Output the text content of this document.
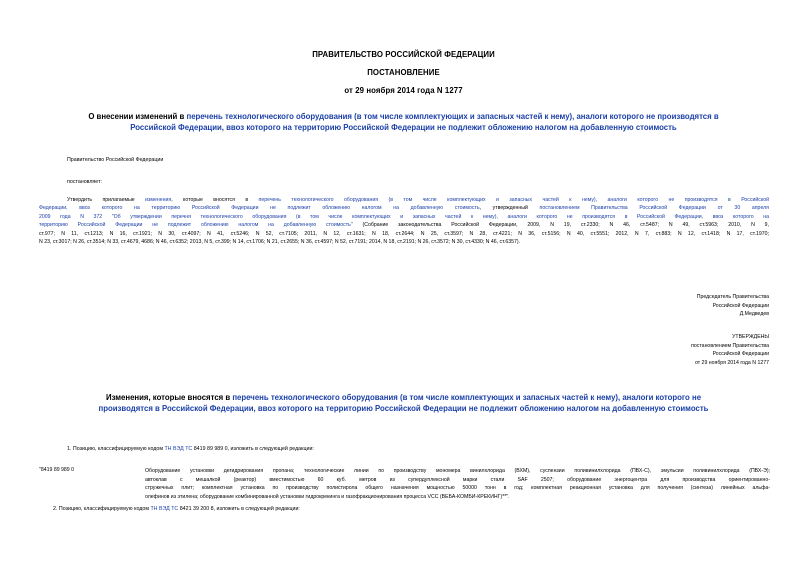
ПРАВИТЕЛЬСТВО РОССИЙСКОЙ ФЕДЕРАЦИИ
ПОСТАНОВЛЕНИЕ
от 29 ноября 2014 года N 1277
О внесении изменений в перечень технологического оборудования (в том числе комплектующих и запасных частей к нему), аналоги которого не производятся в
Российской Федерации, ввоз которого на территорию Российской Федерации не подлежит обложению налогом на добавленную стоимость
Правительство Российской Федерации
постановляет:
Утвердить прилагаемые изменения, которые вносятся в перечень технологического оборудования (в том числе комплектующих и запасных частей к нему), аналоги которого не производятся в Российской
Федерации, ввоз которого на территорию Российской Федерации не подлежит обложению налогом на добавленную стоимость, утвержденный постановлением Правительства Российской Федерации от 30 апреля
2009 года N 372 "Об утверждении перечня технологического оборудования (в том числе комплектующих и запасных частей к нему), аналоги которого не производятся в Российской Федерации, ввоз которого на
территорию Российской Федерации не подлежит обложению налогом на добавленную стоимость" (Собрание законодательства Российской Федерации, 2009, N 19, ст.2330; N 46, ст.5487; N 49, ст.5963; 2010, N 9,
ст.977; N 11, ст.1213; N 16, ст.1921; N 30, ст.4097; N 41, ст.5246; N 52, ст.7105; 2011, N 12, ст.1631; N 18, ст.2644; N 25, ст.3597; N 28, ст.4221; N 36, ст.5156; N 40, ст.5551; 2012, N 7, ст.883; N 12, ст.1418; N 17, ст.1970;
N 23, ст.3017; N 26, ст.3514; N 33, ст.4679, 4686; N 46, ст.6352; 2013, N 5, ст.399; N 14, ст.1706; N 21, ст.2655; N 36, ст.4597; N 52, ст.7191; 2014, N 18, ст.2191; N 26, ст.3572; N 30, ст.4330; N 46, ст.6357).
Председатель Правительства
Российской Федерации
Д.Медведев
УТВЕРЖДЕНЫ
постановлением Правительства
Российской Федерации
от 29 ноября 2014 года N 1277
Изменения, которые вносятся в перечень технологического оборудования (в том числе комплектующих и запасных частей к нему), аналоги которого не
производятся в Российской Федерации, ввоз которого на территорию Российской Федерации не подлежит обложению налогом на добавленную стоимость
1. Позицию, классифицируемую кодом ТН ВЭД ТС 8419 89 989 0, изложить в следующей редакции:
"8419 89 989 0	Оборудование установки дегидрирования пропана; технологические линии по производству мономера винилхлорида (ВХМ), суспензии поливинилхлорида (ПВХ-С), эмульсии поливинилхлорида (ПВХ-Э);
автоклав с мешалкой (реактор) вместимостью 60 куб. метров из супердуплексной марки стали SAF 2507; оборудование энергоцентра для производства ориентированно-
стружечных плит; комплектная установка по производству полистирола общего назначения мощностью 50000 тонн в год; комплектная реакционная установка для получения (синтеза) линейных альфа-
олефинов из этилена; оборудование комбинированной установки гидрокрекинга и газофракционирования процесса VCC (ВЕБА-КОМБИ-КРЕКИНГ)**".
2. Позицию, классифицируемую кодом ТН ВЭД ТС 8421 39 200 8, изложить в следующей редакции:
